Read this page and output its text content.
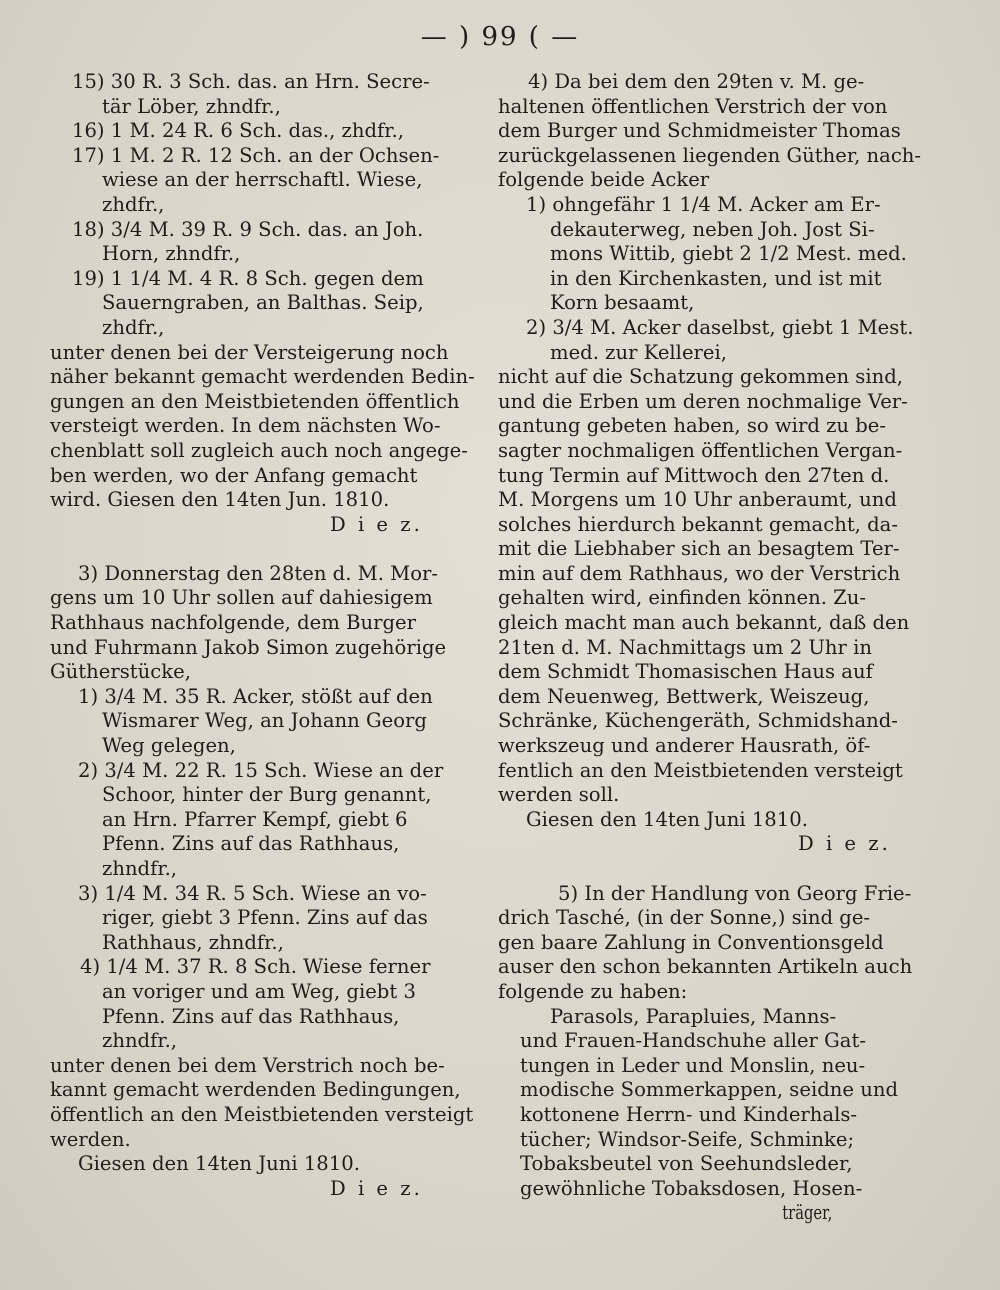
— ) 99 ( —
15) 30 R. 3 Sch. das. an Hrn. Secre-
tär Löber, zhndfr.,
16) 1 M. 24 R. 6 Sch. das., zhdfr.,
17) 1 M. 2 R. 12 Sch. an der Ochsen-
wiese an der herrschaftl. Wiese,
zhdfr.,
18) 3/4 M. 39 R. 9 Sch. das. an Joh.
Horn, zhndfr.,
19) 1 1/4 M. 4 R. 8 Sch. gegen dem
Sauerngraben, an Balthas. Seip,
zhdfr.,
unter denen bei der Versteigerung noch
näher bekannt gemacht werdenden Bedin-
gungen an den Meistbietenden öffentlich
versteigt werden. In dem nächsten Wo-
chenblatt soll zugleich auch noch angege-
ben werden, wo der Anfang gemacht
wird. Giesen den 14ten Jun. 1810.
D i e z.
3) Donnerstag den 28ten d. M. Mor-
gens um 10 Uhr sollen auf dahiesigem
Rathhaus nachfolgende, dem Burger
und Fuhrmann Jakob Simon zugehörige
Gütherstücke,
1) 3/4 M. 35 R. Acker, stößt auf den
Wismarer Weg, an Johann Georg
Weg gelegen,
2) 3/4 M. 22 R. 15 Sch. Wiese an der
Schoor, hinter der Burg genannt,
an Hrn. Pfarrer Kempf, giebt 6
Pfenn. Zins auf das Rathhaus,
zhndfr.,
3) 1/4 M. 34 R. 5 Sch. Wiese an vo-
riger, giebt 3 Pfenn. Zins auf das
Rathhaus, zhndfr.,
4) 1/4 M. 37 R. 8 Sch. Wiese ferner
an voriger und am Weg, giebt 3
Pfenn. Zins auf das Rathhaus,
zhndfr.,
unter denen bei dem Verstrich noch be-
kannt gemacht werdenden Bedingungen,
öffentlich an den Meistbietenden versteigt
werden.
Giesen den 14ten Juni 1810.
D i e z.
4) Da bei dem den 29ten v. M. ge-
haltenen öffentlichen Verstrich der von
dem Burger und Schmidmeister Thomas
zurückgelassenen liegenden Güther, nach-
folgende beide Acker
1) ohngefähr 1 1/4 M. Acker am Er-
dekauterweg, neben Joh. Jost Si-
mons Wittib, giebt 2 1/2 Mest. med.
in den Kirchenkasten, und ist mit
Korn besaamt,
2) 3/4 M. Acker daselbst, giebt 1 Mest.
med. zur Kellerei,
nicht auf die Schatzung gekommen sind,
und die Erben um deren nochmalige Ver-
gantung gebeten haben, so wird zu be-
sagter nochmaligen öffentlichen Vergan-
tung Termin auf Mittwoch den 27ten d.
M. Morgens um 10 Uhr anberaumt, und
solches hierdurch bekannt gemacht, da-
mit die Liebhaber sich an besagtem Ter-
min auf dem Rathhaus, wo der Verstrich
gehalten wird, einfinden können. Zu-
gleich macht man auch bekannt, daß den
21ten d. M. Nachmittags um 2 Uhr in
dem Schmidt Thomasischen Haus auf
dem Neuenweg, Bettwerk, Weiszeug,
Schränke, Küchengeräth, Schmidshand-
werkszeug und anderer Hausrath, öf-
fentlich an den Meistbietenden versteigt
werden soll.
Giesen den 14ten Juni 1810.
D i e z.
5) In der Handlung von Georg Frie-
drich Tasché, (in der Sonne,) sind ge-
gen baare Zahlung in Conventionsgeld
auser den schon bekannten Artikeln auch
folgende zu haben:
Parasols, Parapluies, Manns-
und Frauen-Handschuhe aller Gat-
tungen in Leder und Monslin, neu-
modische Sommerkappen, seidne und
kottonene Herrn- und Kinderhals-
tücher; Windsor-Seife, Schminke;
Tobaksbeutel von Seehundsleder,
gewöhnliche Tobaksdosen, Hosen-
träger,
